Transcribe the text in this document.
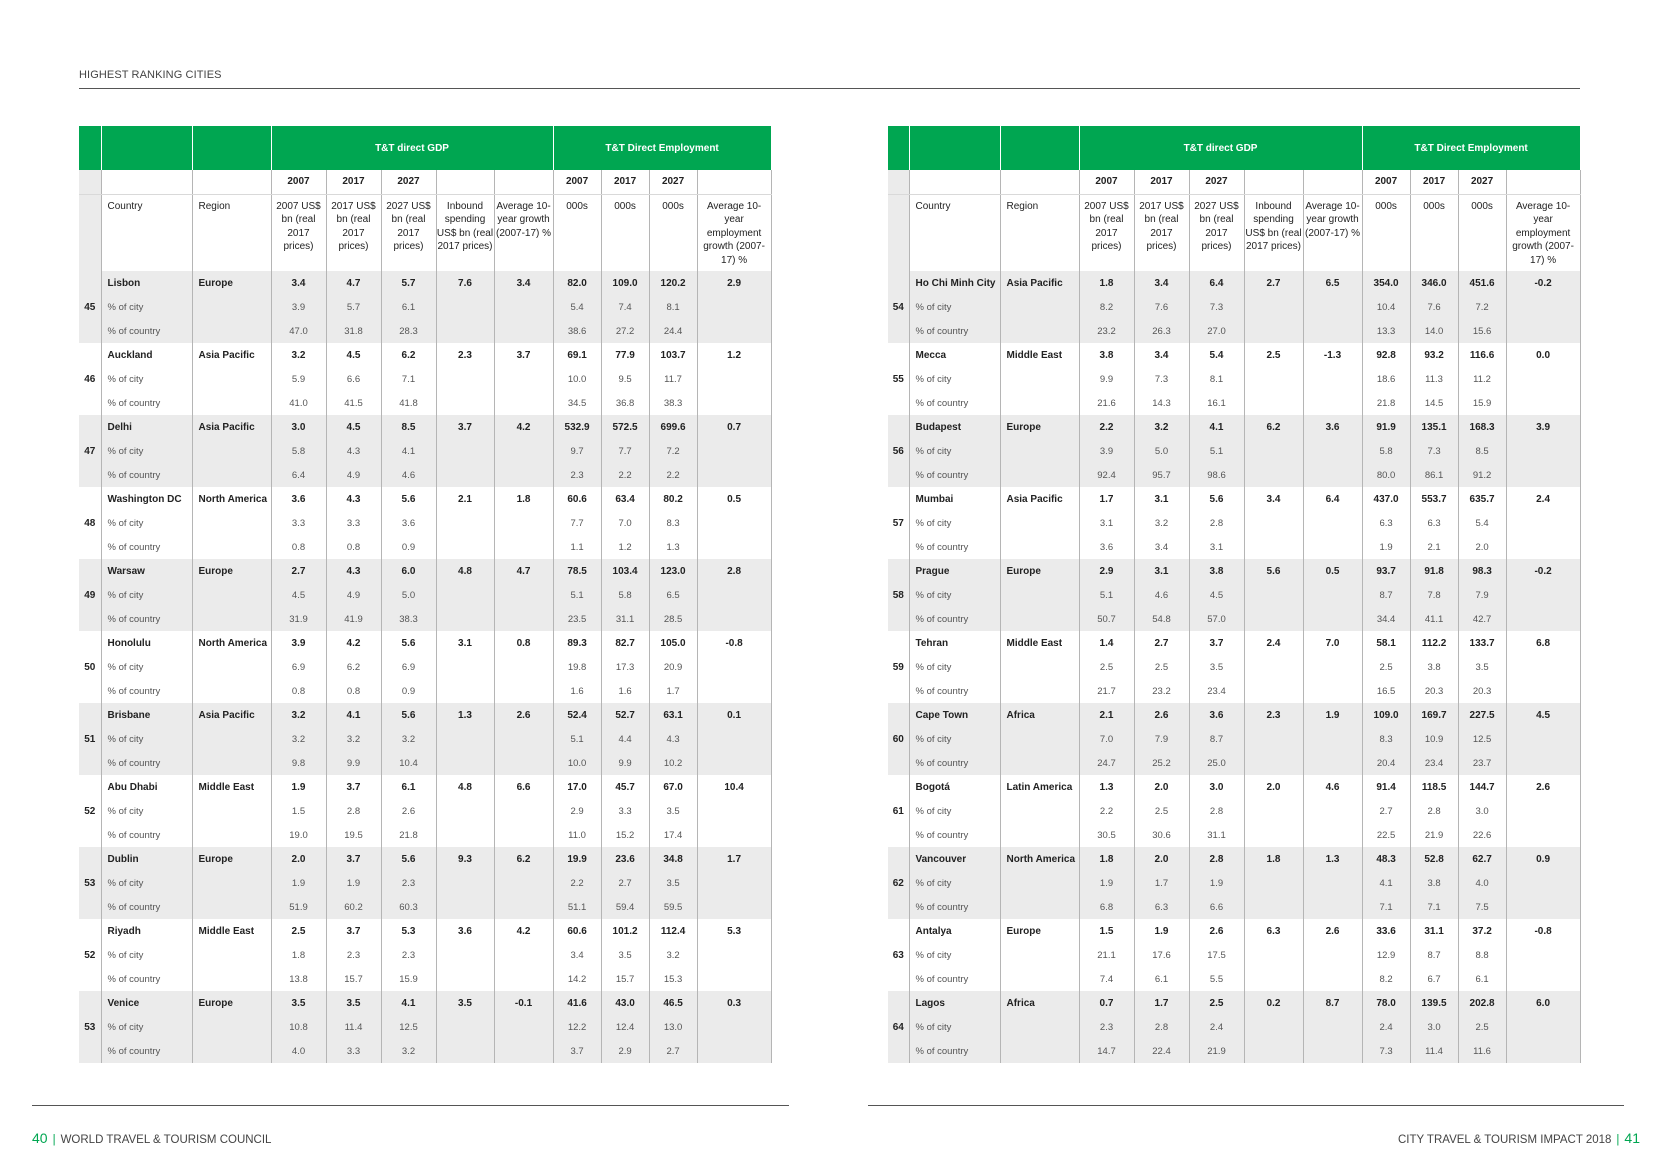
HIGHEST RANKING CITIES
			T&T direct GDP					T&T Direct Employment			
			2007	2017	2027			2007	2017	2027	
	Country	Region	2007 US$ bn (real 2017 prices)	2017 US$ bn (real 2017 prices)	2027 US$ bn (real 2017 prices)	Inbound spending US$ bn (real 2017 prices)	Average 10-year growth (2007-17) %	000s	000s	000s	Average 10-year employment growth (2007-17) %
45	Lisbon	Europe	3.4	4.7	5.7	7.6	3.4	82.0	109.0	120.2	2.9
	% of city		3.9	5.7	6.1			5.4	7.4	8.1	
	% of country		47.0	31.8	28.3			38.6	27.2	24.4	
46	Auckland	Asia Pacific	3.2	4.5	6.2	2.3	3.7	69.1	77.9	103.7	1.2
	% of city		5.9	6.6	7.1			10.0	9.5	11.7	
	% of country		41.0	41.5	41.8			34.5	36.8	38.3	
47	Delhi	Asia Pacific	3.0	4.5	8.5	3.7	4.2	532.9	572.5	699.6	0.7
	% of city		5.8	4.3	4.1			9.7	7.7	7.2	
	% of country		6.4	4.9	4.6			2.3	2.2	2.2	
48	Washington DC	North America	3.6	4.3	5.6	2.1	1.8	60.6	63.4	80.2	0.5
	% of city		3.3	3.3	3.6			7.7	7.0	8.3	
	% of country		0.8	0.8	0.9			1.1	1.2	1.3	
49	Warsaw	Europe	2.7	4.3	6.0	4.8	4.7	78.5	103.4	123.0	2.8
	% of city		4.5	4.9	5.0			5.1	5.8	6.5	
	% of country		31.9	41.9	38.3			23.5	31.1	28.5	
50	Honolulu	North America	3.9	4.2	5.6	3.1	0.8	89.3	82.7	105.0	-0.8
	% of city		6.9	6.2	6.9			19.8	17.3	20.9	
	% of country		0.8	0.8	0.9			1.6	1.6	1.7	
51	Brisbane	Asia Pacific	3.2	4.1	5.6	1.3	2.6	52.4	52.7	63.1	0.1
	% of city		3.2	3.2	3.2			5.1	4.4	4.3	
	% of country		9.8	9.9	10.4			10.0	9.9	10.2	
52	Abu Dhabi	Middle East	1.9	3.7	6.1	4.8	6.6	17.0	45.7	67.0	10.4
	% of city		1.5	2.8	2.6			2.9	3.3	3.5	
	% of country		19.0	19.5	21.8			11.0	15.2	17.4	
53	Dublin	Europe	2.0	3.7	5.6	9.3	6.2	19.9	23.6	34.8	1.7
	% of city		1.9	1.9	2.3			2.2	2.7	3.5	
	% of country		51.9	60.2	60.3			51.1	59.4	59.5	
52	Riyadh	Middle East	2.5	3.7	5.3	3.6	4.2	60.6	101.2	112.4	5.3
	% of city		1.8	2.3	2.3			3.4	3.5	3.2	
	% of country		13.8	15.7	15.9			14.2	15.7	15.3	
53	Venice	Europe	3.5	3.5	4.1	3.5	-0.1	41.6	43.0	46.5	0.3
	% of city		10.8	11.4	12.5			12.2	12.4	13.0	
	% of country		4.0	3.3	3.2			3.7	2.9	2.7	
			T&T direct GDP					T&T Direct Employment			
			2007	2017	2027			2007	2017	2027	
	Country	Region	2007 US$ bn (real 2017 prices)	2017 US$ bn (real 2017 prices)	2027 US$ bn (real 2017 prices)	Inbound spending US$ bn (real 2017 prices)	Average 10-year growth (2007-17) %	000s	000s	000s	Average 10-year employment growth (2007-17) %
54	Ho Chi Minh City	Asia Pacific	1.8	3.4	6.4	2.7	6.5	354.0	346.0	451.6	-0.2
	% of city		8.2	7.6	7.3			10.4	7.6	7.2	
	% of country		23.2	26.3	27.0			13.3	14.0	15.6	
55	Mecca	Middle East	3.8	3.4	5.4	2.5	-1.3	92.8	93.2	116.6	0.0
	% of city		9.9	7.3	8.1			18.6	11.3	11.2	
	% of country		21.6	14.3	16.1			21.8	14.5	15.9	
56	Budapest	Europe	2.2	3.2	4.1	6.2	3.6	91.9	135.1	168.3	3.9
	% of city		3.9	5.0	5.1			5.8	7.3	8.5	
	% of country		92.4	95.7	98.6			80.0	86.1	91.2	
57	Mumbai	Asia Pacific	1.7	3.1	5.6	3.4	6.4	437.0	553.7	635.7	2.4
	% of city		3.1	3.2	2.8			6.3	6.3	5.4	
	% of country		3.6	3.4	3.1			1.9	2.1	2.0	
58	Prague	Europe	2.9	3.1	3.8	5.6	0.5	93.7	91.8	98.3	-0.2
	% of city		5.1	4.6	4.5			8.7	7.8	7.9	
	% of country		50.7	54.8	57.0			34.4	41.1	42.7	
59	Tehran	Middle East	1.4	2.7	3.7	2.4	7.0	58.1	112.2	133.7	6.8
	% of city		2.5	2.5	3.5			2.5	3.8	3.5	
	% of country		21.7	23.2	23.4			16.5	20.3	20.3	
60	Cape Town	Africa	2.1	2.6	3.6	2.3	1.9	109.0	169.7	227.5	4.5
	% of city		7.0	7.9	8.7			8.3	10.9	12.5	
	% of country		24.7	25.2	25.0			20.4	23.4	23.7	
61	Bogotá	Latin America	1.3	2.0	3.0	2.0	4.6	91.4	118.5	144.7	2.6
	% of city		2.2	2.5	2.8			2.7	2.8	3.0	
	% of country		30.5	30.6	31.1			22.5	21.9	22.6	
62	Vancouver	North America	1.8	2.0	2.8	1.8	1.3	48.3	52.8	62.7	0.9
	% of city		1.9	1.7	1.9			4.1	3.8	4.0	
	% of country		6.8	6.3	6.6			7.1	7.1	7.5	
63	Antalya	Europe	1.5	1.9	2.6	6.3	2.6	33.6	31.1	37.2	-0.8
	% of city		21.1	17.6	17.5			12.9	8.7	8.8	
	% of country		7.4	6.1	5.5			8.2	6.7	6.1	
64	Lagos	Africa	0.7	1.7	2.5	0.2	8.7	78.0	139.5	202.8	6.0
	% of city		2.3	2.8	2.4			2.4	3.0	2.5	
	% of country		14.7	22.4	21.9			7.3	11.4	11.6	
40 | WORLD TRAVEL & TOURISM COUNCIL	CITY TRAVEL & TOURISM IMPACT 2018 | 41
